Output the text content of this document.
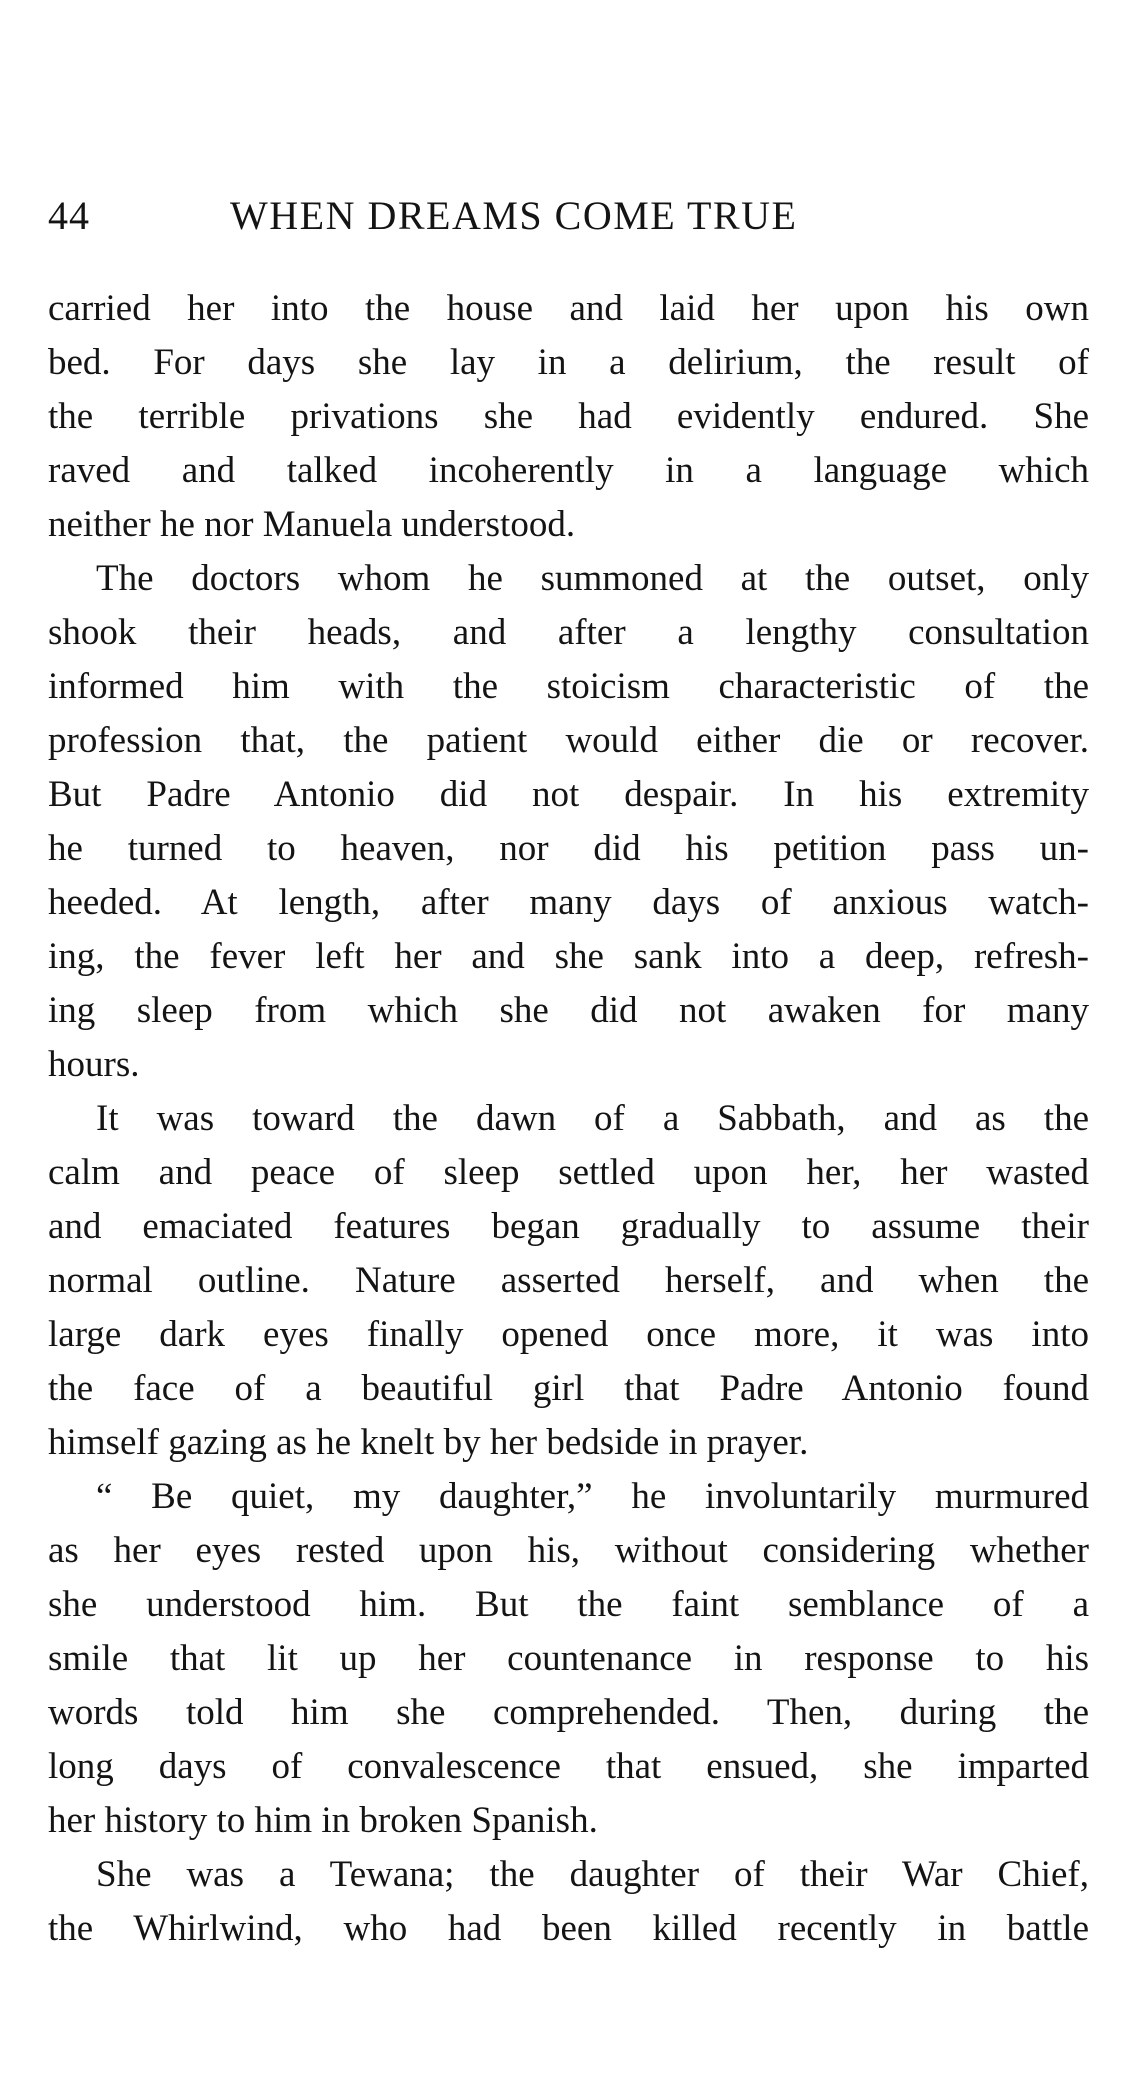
44	WHEN DREAMS COME TRUE
carried her into the house and laid her upon his own
bed. For days she lay in a delirium, the result of
the terrible privations she had evidently endured. She
raved and talked incoherently in a language which
neither he nor Manuela understood.
The doctors whom he summoned at the outset, only
shook their heads, and after a lengthy consultation
informed him with the stoicism characteristic of the
profession that, the patient would either die or recover.
But Padre Antonio did not despair. In his extremity
he turned to heaven, nor did his petition pass un-
heeded. At length, after many days of anxious watch-
ing, the fever left her and she sank into a deep, refresh-
ing sleep from which she did not awaken for many
hours.
It was toward the dawn of a Sabbath, and as the
calm and peace of sleep settled upon her, her wasted
and emaciated features began gradually to assume their
normal outline. Nature asserted herself, and when the
large dark eyes finally opened once more, it was into
the face of a beautiful girl that Padre Antonio found
himself gazing as he knelt by her bedside in prayer.
“ Be quiet, my daughter,” he involuntarily murmured
as her eyes rested upon his, without considering whether
she understood him. But the faint semblance of a
smile that lit up her countenance in response to his
words told him she comprehended. Then, during the
long days of convalescence that ensued, she imparted
her history to him in broken Spanish.
She was a Tewana; the daughter of their War Chief,
the Whirlwind, who had been killed recently in battle
